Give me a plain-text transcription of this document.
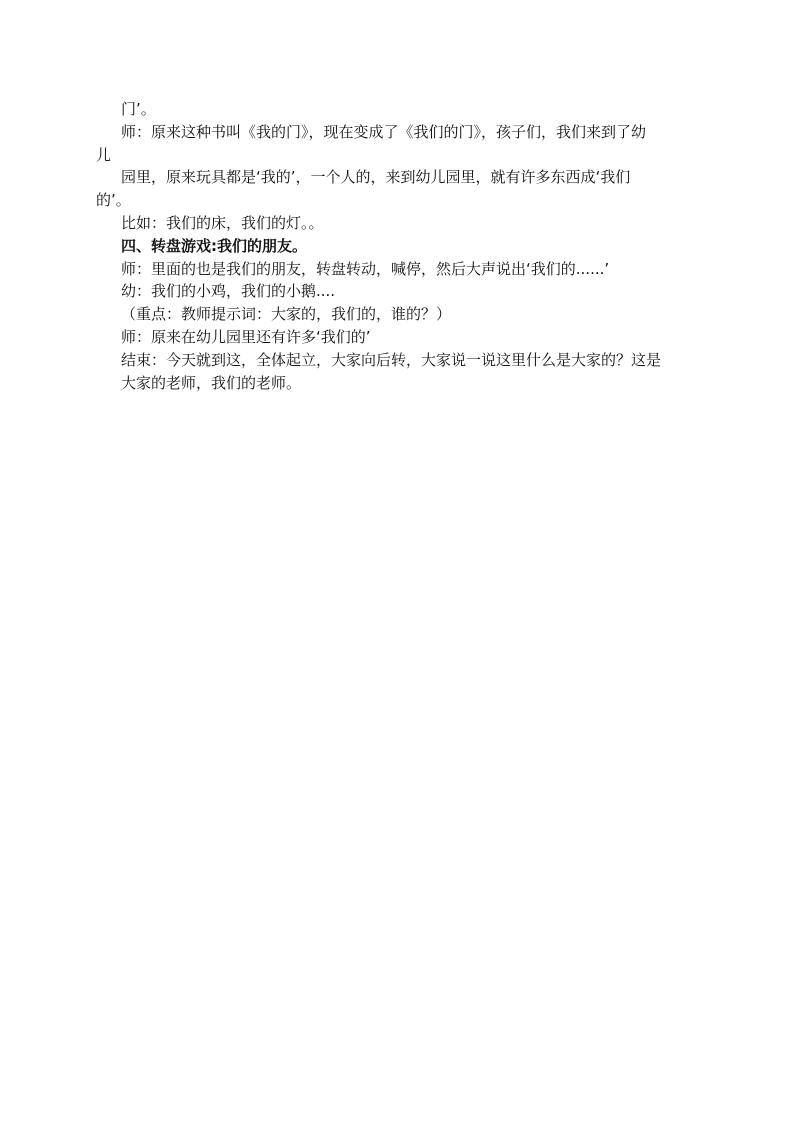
门’。
师：原来这种书叫《我的门》，现在变成了《我们的门》，孩子们，我们来到了幼
儿
园里，原来玩具都是‘我的’，一个人的，来到幼儿园里，就有许多东西成‘我们
的’。
比如：我们的床，我们的灯。。
四、转盘游戏:我们的朋友。
师：里面的也是我们的朋友，转盘转动，喊停，然后大声说出‘我们的......’
幼：我们的小鸡，我们的小鹅....
（重点：教师提示词：大家的，我们的，谁的？）
师：原来在幼儿园里还有许多‘我们的’
结束：今天就到这，全体起立，大家向后转，大家说一说这里什么是大家的？这是
大家的老师，我们的老师。
